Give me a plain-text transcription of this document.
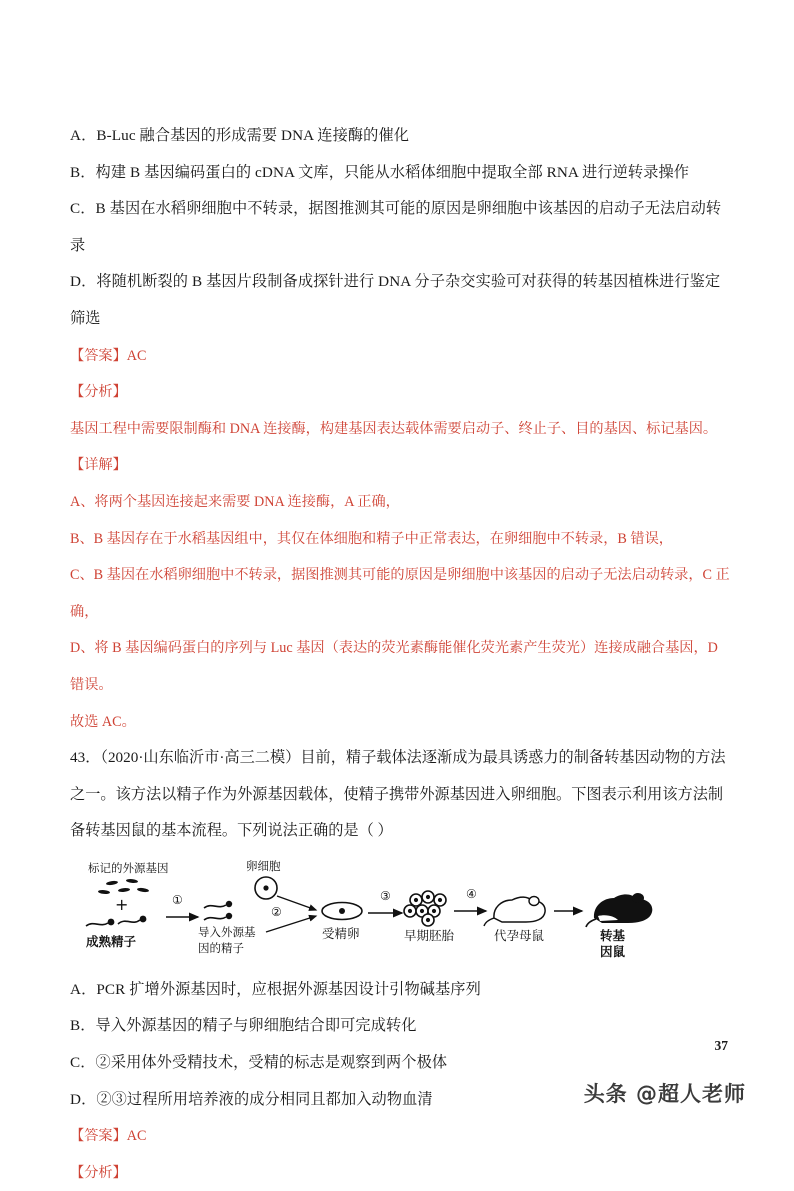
A．B-Luc 融合基因的形成需要 DNA 连接酶的催化
B．构建 B 基因编码蛋白的 cDNA 文库，只能从水稻体细胞中提取全部 RNA 进行逆转录操作
C．B 基因在水稻卵细胞中不转录，据图推测其可能的原因是卵细胞中该基因的启动子无法启动转录
D．将随机断裂的 B 基因片段制备成探针进行 DNA 分子杂交实验可对获得的转基因植株进行鉴定筛选

【答案】AC

【分析】

基因工程中需要限制酶和 DNA 连接酶，构建基因表达载体需要启动子、终止子、目的基因、标记基因。

【详解】

A、将两个基因连接起来需要 DNA 连接酶，A 正确，

B、B 基因存在于水稻基因组中，其仅在体细胞和精子中正常表达，在卵细胞中不转录，B 错误，

C、B 基因在水稻卵细胞中不转录，据图推测其可能的原因是卵细胞中该基因的启动子无法启动转录，C 正确，

D、将 B 基因编码蛋白的序列与 Luc 基因（表达的荧光素酶能催化荧光素产生荧光）连接成融合基因，D 错误。

故选 AC。

43．（2020·山东临沂市·高三二模）目前，精子载体法逐渐成为最具诱惑力的制备转基因动物的方法之一。该方法以精子作为外源基因载体，使精子携带外源基因进入卵细胞。下图表示利用该方法制备转基因鼠的基本流程。下列说法正确的是（ ）

标记的外源基因
+
成熟精子
①
导入外源基
因的精子
卵细胞
②
受精卵
③
早期胚胎
④
代孕母鼠	转基
因鼠
A．PCR 扩增外源基因时，应根据外源基因设计引物碱基序列
B．导入外源基因的精子与卵细胞结合即可完成转化
C．②采用体外受精技术，受精的标志是观察到两个极体
D．②③过程所用培养液的成分相同且都加入动物血清

【答案】AC

【分析】

37
头条 @超人老师
